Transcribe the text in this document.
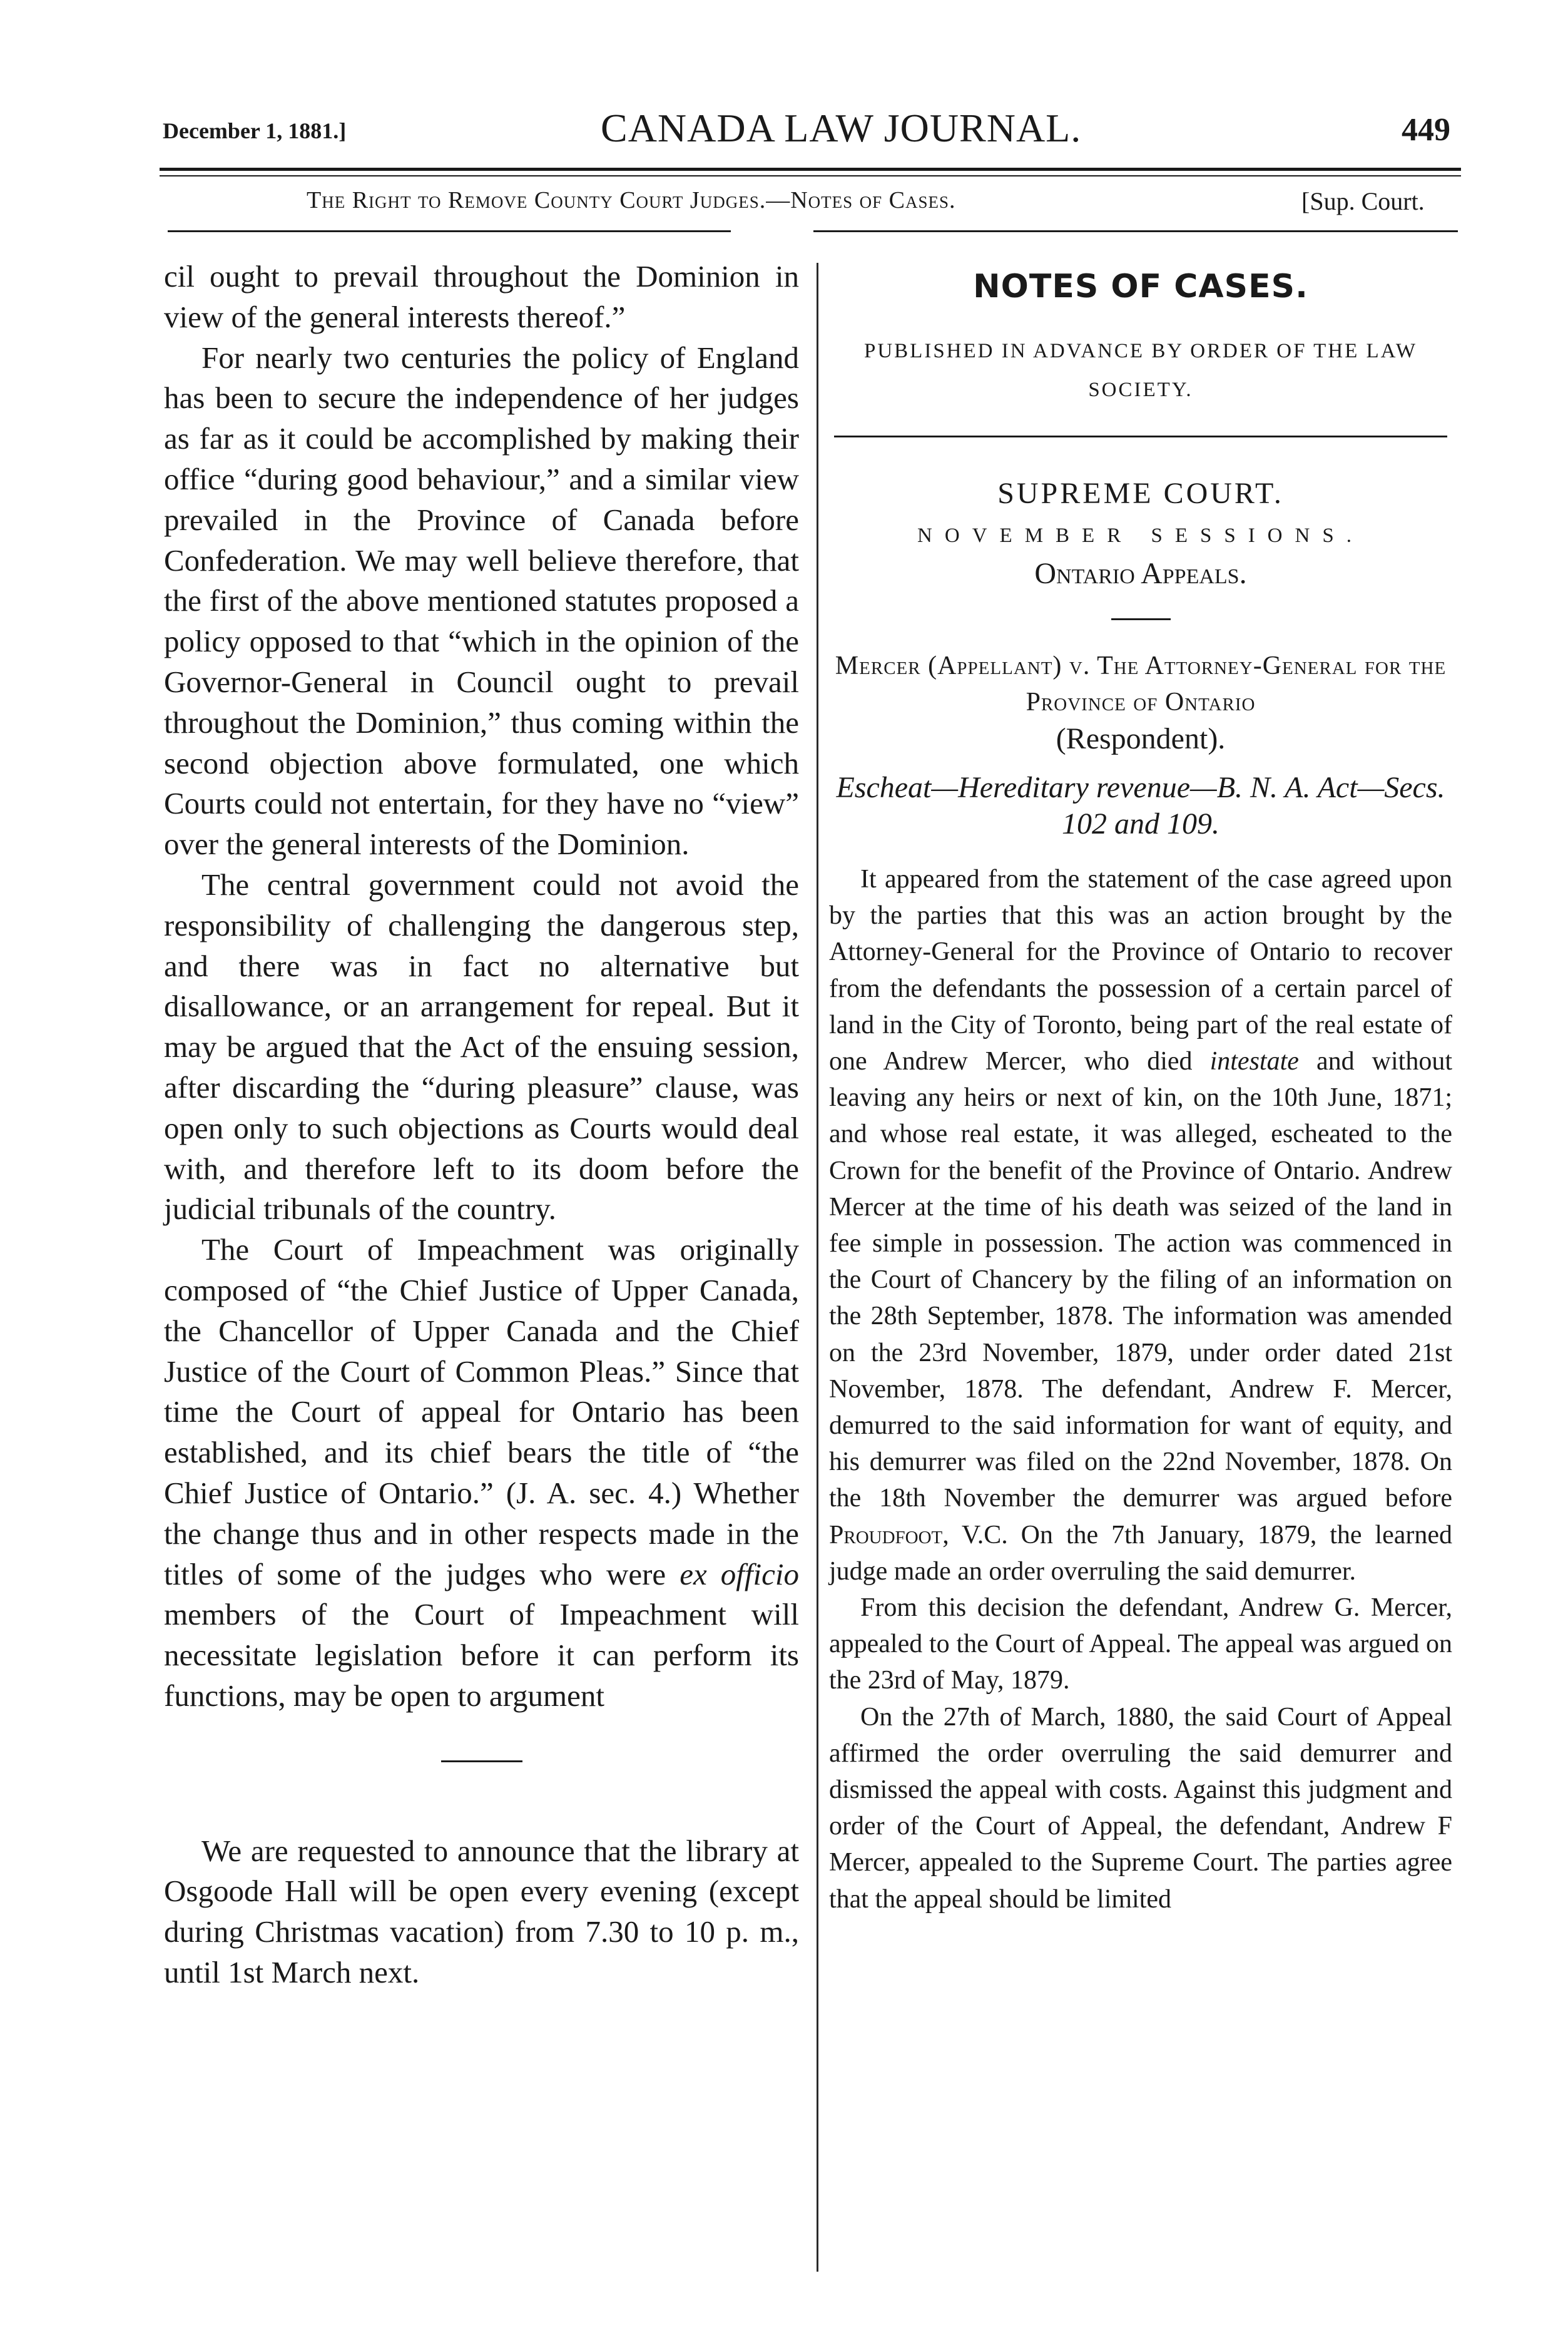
December 1, 1881.]	CANADA LAW JOURNAL.	449
The Right to Remove County Court Judges.—Notes of Cases.	[Sup. Court.

cil ought to prevail throughout the Dominion in view of the general interests thereof.”

For nearly two centuries the policy of England has been to secure the independence of her judges as far as it could be accomplished by making their office “during good behaviour,” and a similar view prevailed in the Province of Canada before Confederation. We may well believe therefore, that the first of the above mentioned statutes proposed a policy opposed to that “which in the opinion of the Governor-General in Council ought to prevail throughout the Dominion,” thus coming within the second objection above formulated, one which Courts could not entertain, for they have no “view” over the general interests of the Dominion.

The central government could not avoid the responsibility of challenging the dangerous step, and there was in fact no alternative but disallowance, or an arrangement for repeal. But it may be argued that the Act of the ensuing session, after discarding the “during pleasure” clause, was open only to such objections as Courts would deal with, and therefore left to its doom before the judicial tribunals of the country.

The Court of Impeachment was originally composed of “the Chief Justice of Upper Canada, the Chancellor of Upper Canada and the Chief Justice of the Court of Common Pleas.” Since that time the Court of appeal for Ontario has been established, and its chief bears the title of “the Chief Justice of Ontario.” (J. A. sec. 4.) Whether the change thus and in other respects made in the titles of some of the judges who were ex officio members of the Court of Impeachment will necessitate legislation before it can perform its functions, may be open to argument

We are requested to announce that the library at Osgoode Hall will be open every evening (except during Christmas vacation) from 7.30 to 10 p. m., until 1st March next.

NOTES OF CASES.
PUBLISHED IN ADVANCE BY ORDER OF THE LAW SOCIETY.
SUPREME COURT.
NOVEMBER SESSIONS.
Ontario Appeals.
Mercer (Appellant) v. The Attorney-General for the Province of Ontario
(Respondent).
Escheat—Hereditary revenue—B. N. A. Act—Secs. 102 and 109.

It appeared from the statement of the case agreed upon by the parties that this was an action brought by the Attorney-General for the Province of Ontario to recover from the defendants the possession of a certain parcel of land in the City of Toronto, being part of the real estate of one Andrew Mercer, who died intestate and without leaving any heirs or next of kin, on the 10th June, 1871; and whose real estate, it was alleged, escheated to the Crown for the benefit of the Province of Ontario. Andrew Mercer at the time of his death was seized of the land in fee simple in possession. The action was commenced in the Court of Chancery by the filing of an information on the 28th September, 1878. The information was amended on the 23rd November, 1879, under order dated 21st November, 1878. The defendant, Andrew F. Mercer, demurred to the said information for want of equity, and his demurrer was filed on the 22nd November, 1878. On the 18th November the demurrer was argued before Proudfoot, V.C. On the 7th January, 1879, the learned judge made an order overruling the said demurrer.

From this decision the defendant, Andrew G. Mercer, appealed to the Court of Appeal. The appeal was argued on the 23rd of May, 1879.

On the 27th of March, 1880, the said Court of Appeal affirmed the order overruling the said demurrer and dismissed the appeal with costs. Against this judgment and order of the Court of Appeal, the defendant, Andrew F Mercer, appealed to the Supreme Court. The parties agree that the appeal should be limited
